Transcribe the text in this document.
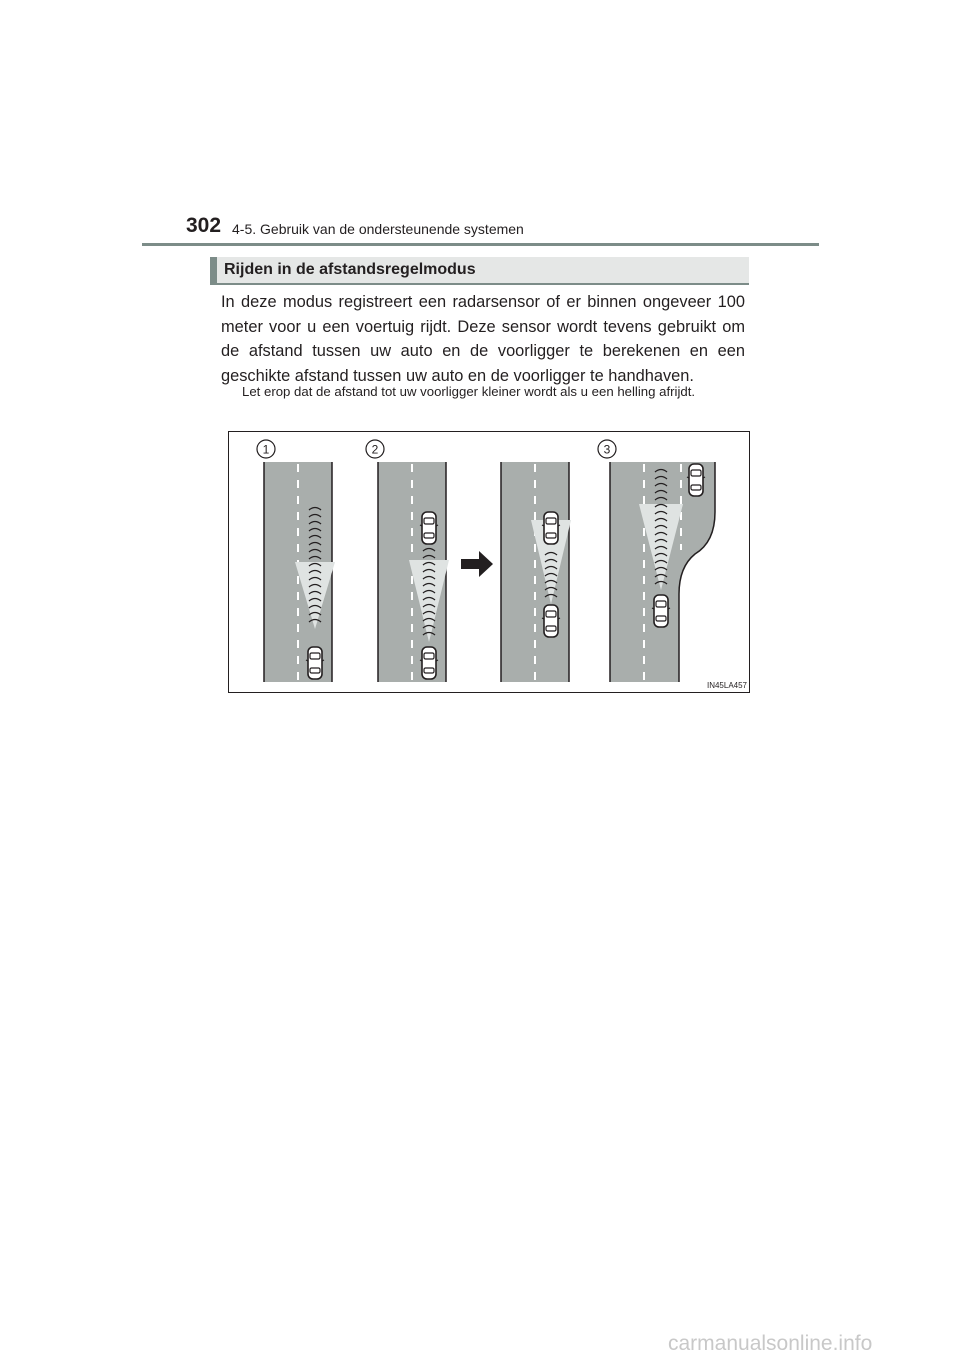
302 4-5. Gebruik van de ondersteunende systemen
Rijden in de afstandsregelmodus
In deze modus registreert een radarsensor of er binnen ongeveer 100 meter voor u een voertuig rijdt. Deze sensor wordt tevens gebruikt om de afstand tussen uw auto en de voorligger te berekenen en een geschikte afstand tussen uw auto en de voorligger te handhaven.
Let erop dat de afstand tot uw voorligger kleiner wordt als u een helling afrijdt.
1	2	3
IN45LA457
carmanualsonline.info
